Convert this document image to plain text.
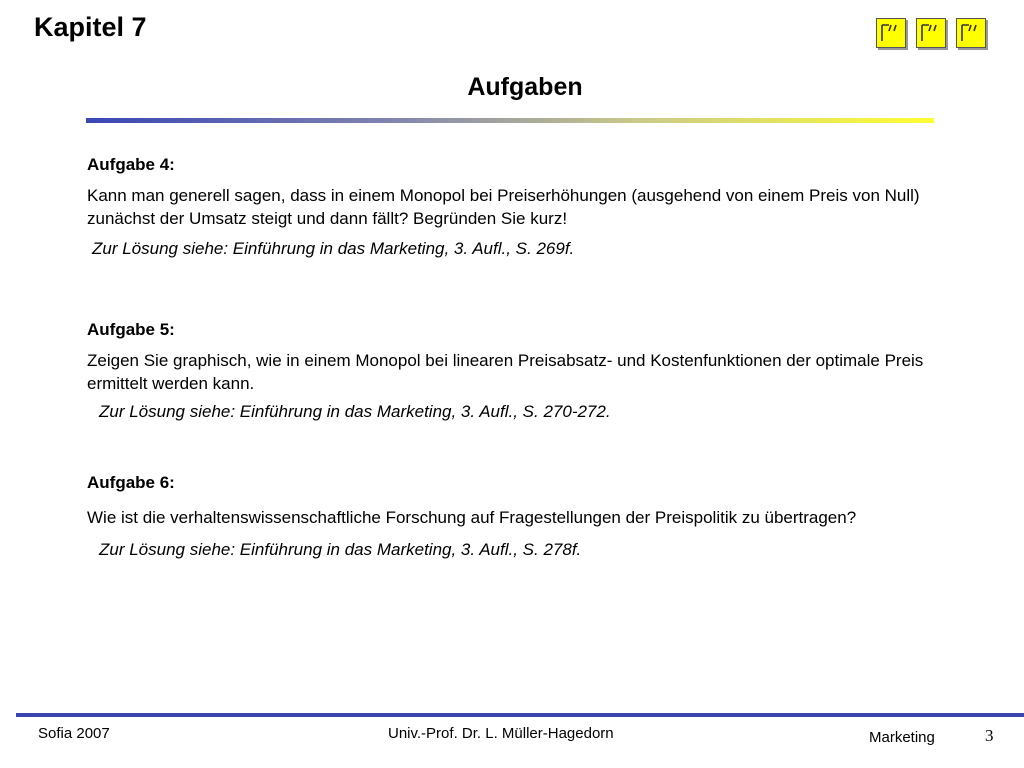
Kapitel 7
Aufgaben
Aufgabe 4:
Kann man generell sagen, dass in einem Monopol bei Preiserhöhungen (ausgehend von einem Preis von Null) zunächst der Umsatz steigt und dann fällt? Begründen Sie kurz!
Zur Lösung siehe: Einführung in das Marketing, 3. Aufl., S. 269f.
Aufgabe 5:
Zeigen Sie graphisch, wie in einem Monopol bei linearen Preisabsatz- und Kostenfunktionen der optimale Preis ermittelt werden kann.
Zur Lösung siehe: Einführung in das Marketing, 3. Aufl., S. 270-272.
Aufgabe 6:
Wie ist die verhaltenswissenschaftliche Forschung auf Fragestellungen der Preispolitik zu übertragen?
Zur Lösung siehe: Einführung in das Marketing, 3. Aufl., S. 278f.
Sofia 2007	Univ.-Prof. Dr. L. Müller-Hagedorn	Marketing	3
